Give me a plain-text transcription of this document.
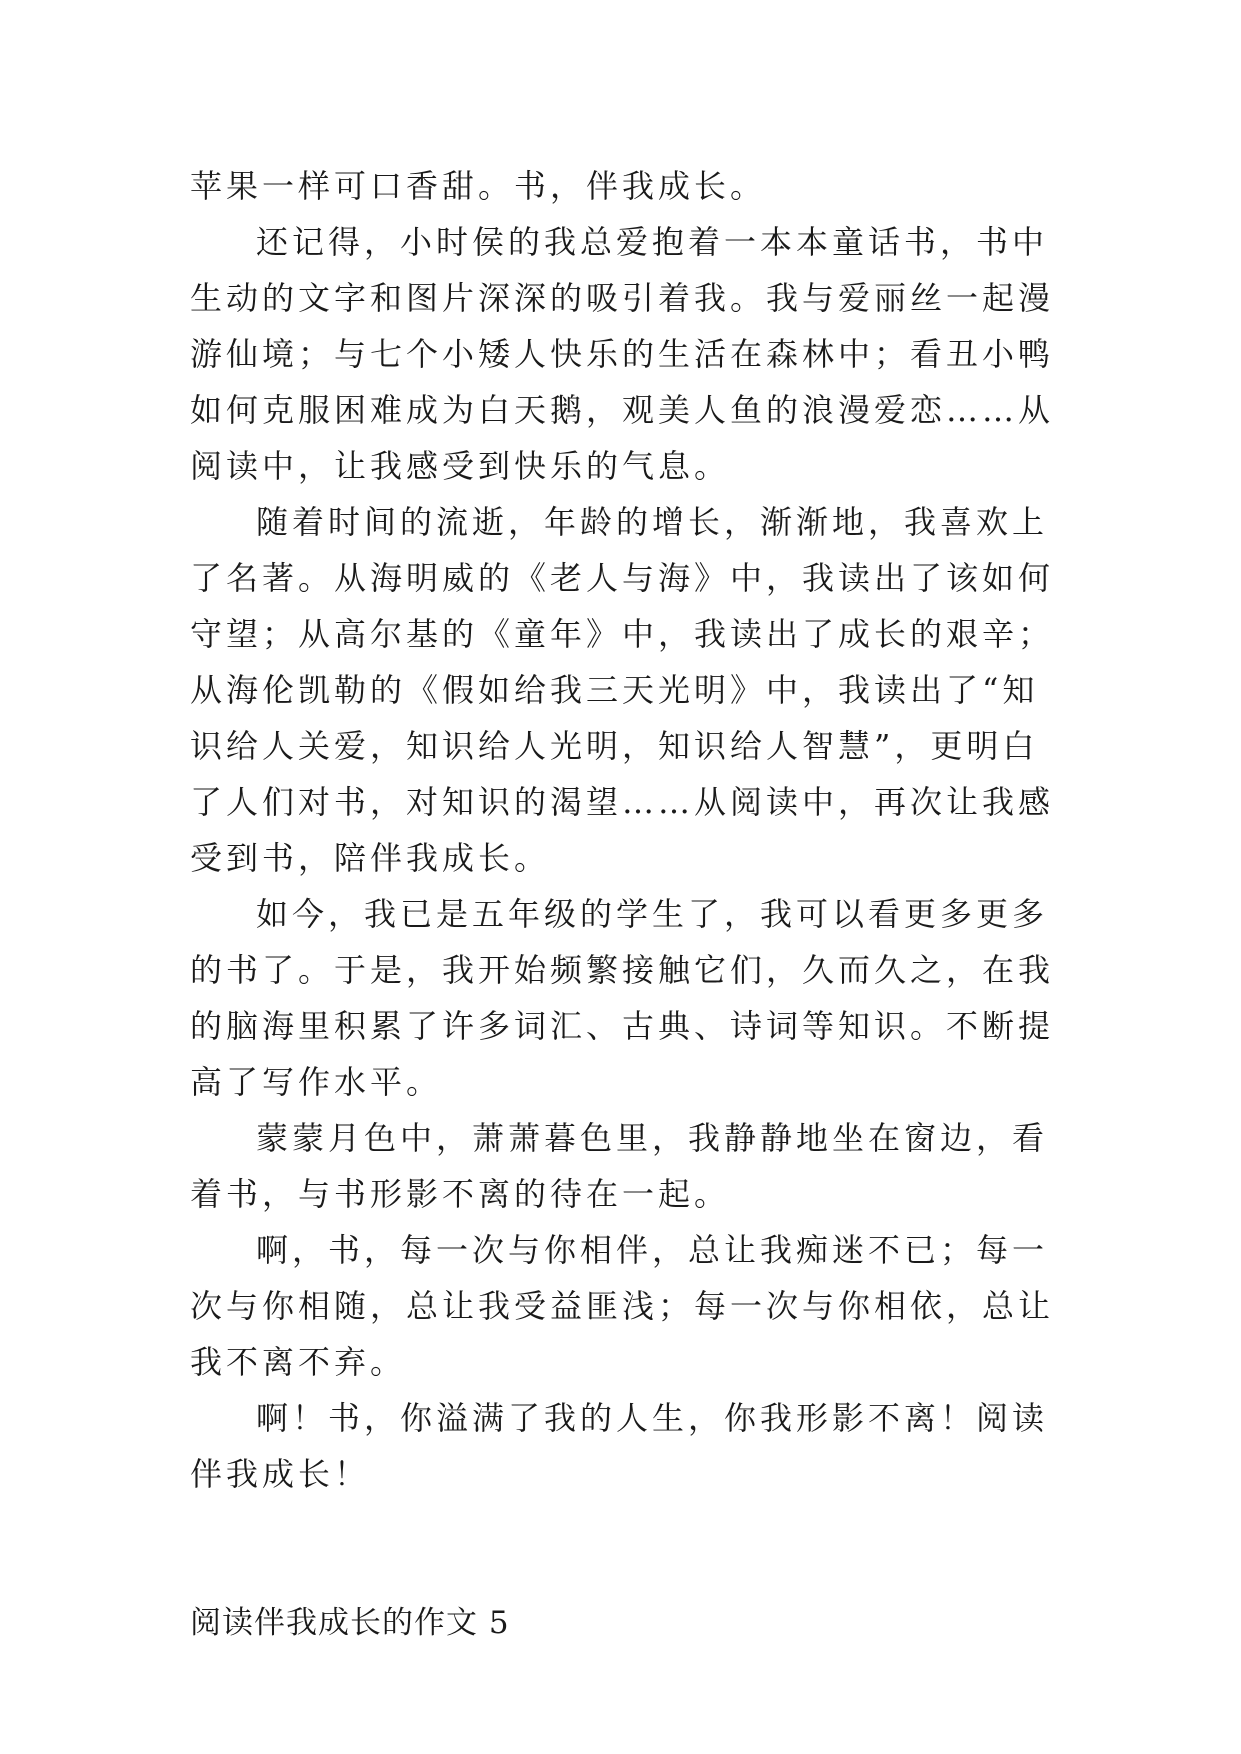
苹果一样可口香甜。书，伴我成长。

还记得，小时侯的我总爱抱着一本本童话书，书中生动的文字和图片深深的吸引着我。我与爱丽丝一起漫游仙境；与七个小矮人快乐的生活在森林中；看丑小鸭如何克服困难成为白天鹅，观美人鱼的浪漫爱恋……从阅读中，让我感受到快乐的气息。

随着时间的流逝，年龄的增长，渐渐地，我喜欢上了名著。从海明威的《老人与海》中，我读出了该如何守望；从高尔基的《童年》中，我读出了成长的艰辛；从海伦凯勒的《假如给我三天光明》中，我读出了“知识给人关爱，知识给人光明，知识给人智慧”，更明白了人们对书，对知识的渴望……从阅读中，再次让我感受到书，陪伴我成长。

如今，我已是五年级的学生了，我可以看更多更多的书了。于是，我开始频繁接触它们，久而久之，在我的脑海里积累了许多词汇、古典、诗词等知识。不断提高了写作水平。

蒙蒙月色中，萧萧暮色里，我静静地坐在窗边，看着书，与书形影不离的待在一起。

啊，书，每一次与你相伴，总让我痴迷不已；每一次与你相随，总让我受益匪浅；每一次与你相依，总让我不离不弃。

啊！书，你溢满了我的人生，你我形影不离！阅读伴我成长！

阅读伴我成长的作文 5
